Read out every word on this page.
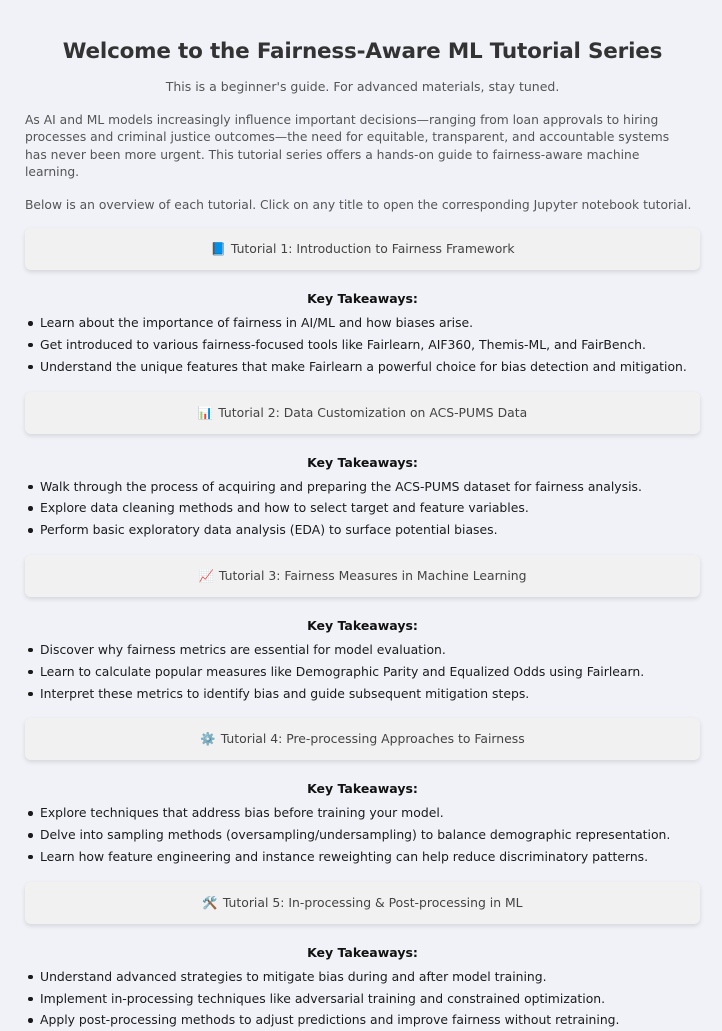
Welcome to the Fairness-Aware ML Tutorial Series

This is a beginner's guide. For advanced materials, stay tuned.

As AI and ML models increasingly influence important decisions—ranging from loan approvals to hiring processes and criminal justice outcomes—the need for equitable, transparent, and accountable systems has never been more urgent. This tutorial series offers a hands-on guide to fairness-aware machine learning.

Below is an overview of each tutorial. Click on any title to open the corresponding Jupyter notebook tutorial.

📘 Tutorial 1: Introduction to Fairness Framework
Key Takeaways:
Learn about the importance of fairness in AI/ML and how biases arise.
Get introduced to various fairness-focused tools like Fairlearn, AIF360, Themis-ML, and FairBench.
Understand the unique features that make Fairlearn a powerful choice for bias detection and mitigation.
📊 Tutorial 2: Data Customization on ACS-PUMS Data
Key Takeaways:
Walk through the process of acquiring and preparing the ACS-PUMS dataset for fairness analysis.
Explore data cleaning methods and how to select target and feature variables.
Perform basic exploratory data analysis (EDA) to surface potential biases.
📈 Tutorial 3: Fairness Measures in Machine Learning
Key Takeaways:
Discover why fairness metrics are essential for model evaluation.
Learn to calculate popular measures like Demographic Parity and Equalized Odds using Fairlearn.
Interpret these metrics to identify bias and guide subsequent mitigation steps.
⚙️ Tutorial 4: Pre-processing Approaches to Fairness
Key Takeaways:
Explore techniques that address bias before training your model.
Delve into sampling methods (oversampling/undersampling) to balance demographic representation.
Learn how feature engineering and instance reweighting can help reduce discriminatory patterns.
🛠️ Tutorial 5: In-processing & Post-processing in ML
Key Takeaways:
Understand advanced strategies to mitigate bias during and after model training.
Implement in-processing techniques like adversarial training and constrained optimization.
Apply post-processing methods to adjust predictions and improve fairness without retraining.
